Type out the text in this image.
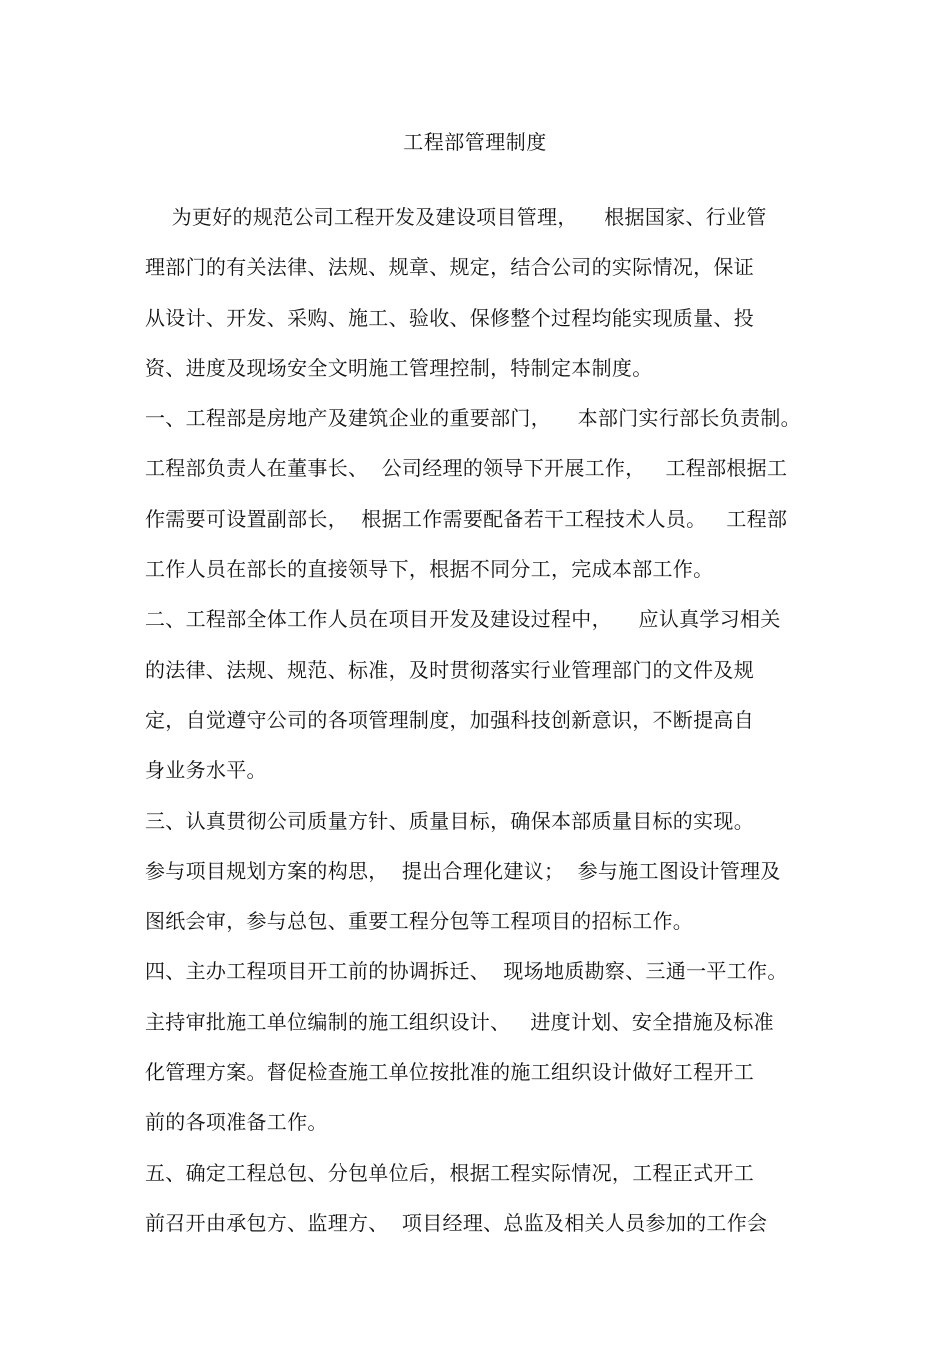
工程部管理制度
为更好的规范公司工程开发及建设项目管理，    根据国家、行业管
理部门的有关法律、法规、规章、规定，结合公司的实际情况，保证
从设计、开发、采购、施工、验收、保修整个过程均能实现质量、投
资、进度及现场安全文明施工管理控制，特制定本制度。
一、工程部是房地产及建筑企业的重要部门，    本部门实行部长负责制。
工程部负责人在董事长、  公司经理的领导下开展工作，   工程部根据工
作需要可设置副部长，  根据工作需要配备若干工程技术人员。   工程部
工作人员在部长的直接领导下，根据不同分工，完成本部工作。
二、工程部全体工作人员在项目开发及建设过程中，    应认真学习相关
的法律、法规、规范、标准，及时贯彻落实行业管理部门的文件及规
定，自觉遵守公司的各项管理制度，加强科技创新意识，不断提高自
身业务水平。
三、认真贯彻公司质量方针、质量目标，确保本部质量目标的实现。
参与项目规划方案的构思，  提出合理化建议；  参与施工图设计管理及
图纸会审，参与总包、重要工程分包等工程项目的招标工作。
四、主办工程项目开工前的协调拆迁、  现场地质勘察、三通一平工作。
主持审批施工单位编制的施工组织设计、   进度计划、安全措施及标准
化管理方案。督促检查施工单位按批准的施工组织设计做好工程开工
前的各项准备工作。
五、确定工程总包、分包单位后，根据工程实际情况，工程正式开工
前召开由承包方、监理方、  项目经理、总监及相关人员参加的工作会
